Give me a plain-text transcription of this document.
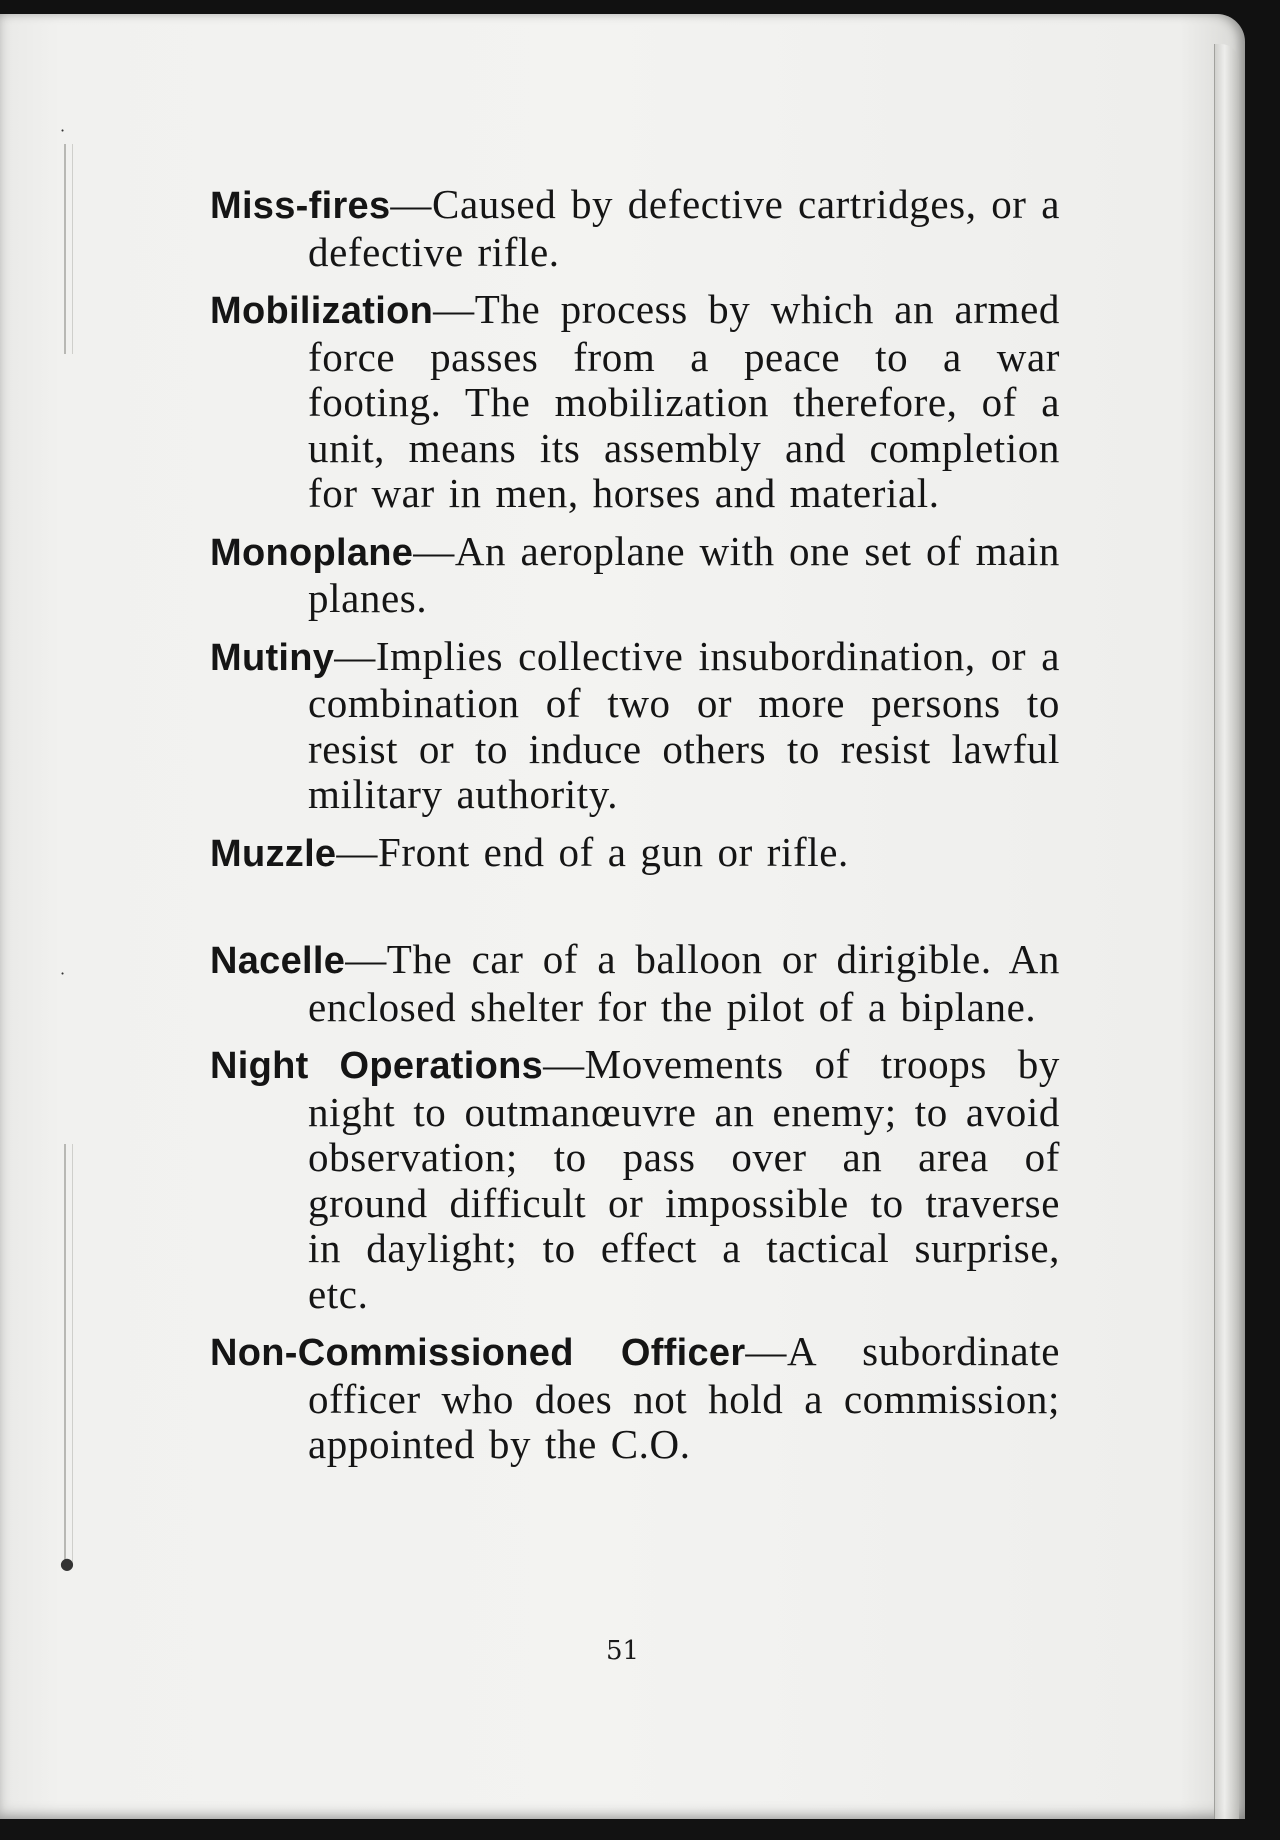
·
·
●

Miss-fires—Caused by defective cartridges, or a defective rifle.

Mobilization—The process by which an armed force passes from a peace to a war footing. The mobilization therefore, of a unit, means its assembly and completion for war in men, horses and material.

Monoplane—An aeroplane with one set of main planes.

Mutiny—Implies collective insubordination, or a combination of two or more persons to resist or to induce others to resist lawful military authority.

Muzzle—Front end of a gun or rifle.

Nacelle—The car of a balloon or dirigible. An enclosed shelter for the pilot of a biplane.

Night Operations—Movements of troops by night to outmanœuvre an enemy; to avoid observation; to pass over an area of ground difficult or impossible to traverse in daylight; to effect a tactical surprise, etc.

Non-Commissioned Officer—A subordinate officer who does not hold a commission; appointed by the C.O.

51
